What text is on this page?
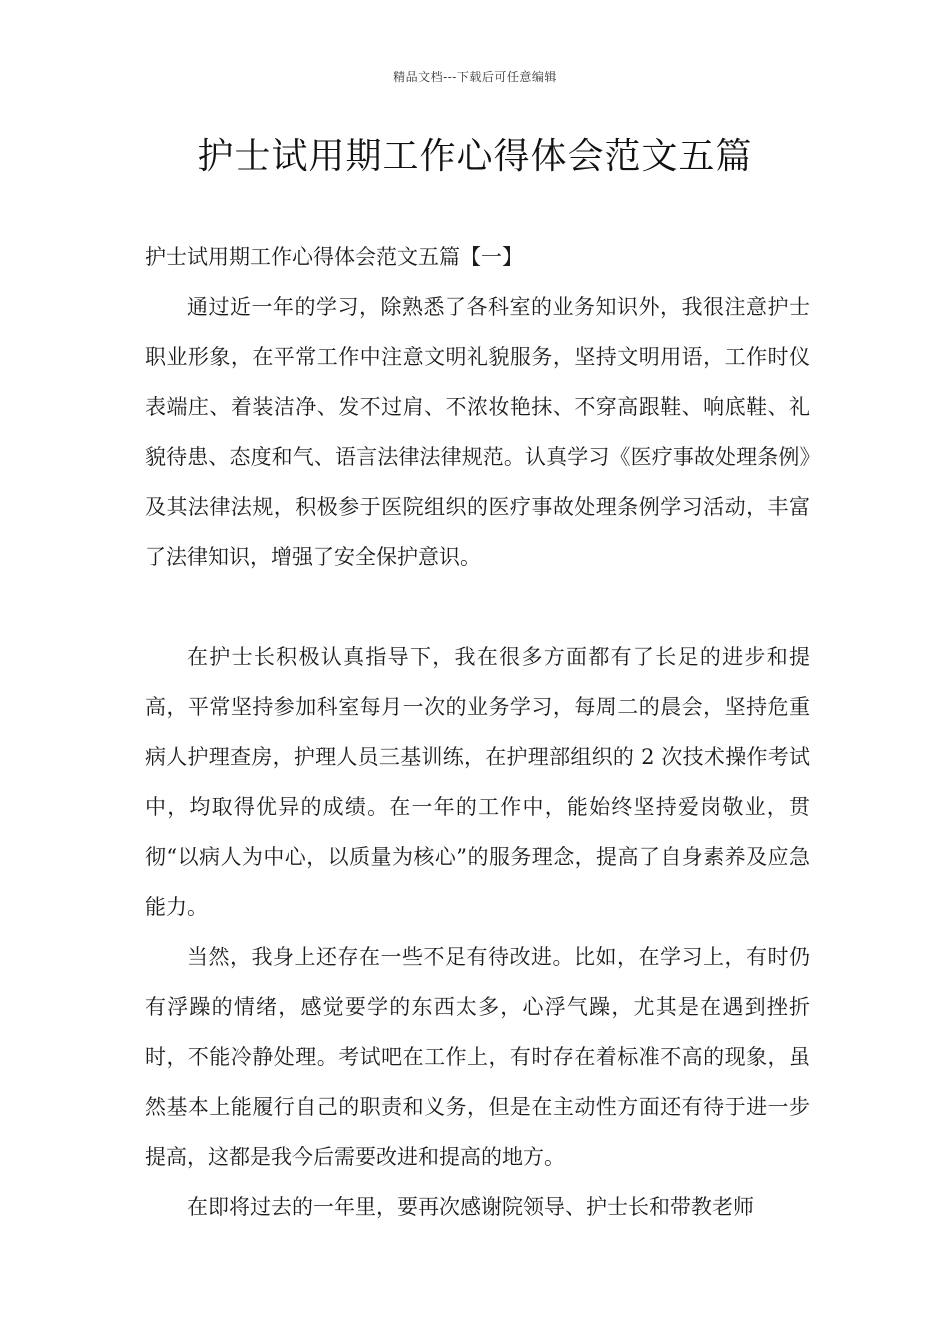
精品文档---下载后可任意编辑
护士试用期工作心得体会范文五篇
护士试用期工作心得体会范文五篇【一】

通过近一年的学习，除熟悉了各科室的业务知识外，我很注意护士职业形象，在平常工作中注意文明礼貌服务，坚持文明用语，工作时仪表端庄、着装洁净、发不过肩、不浓妆艳抹、不穿高跟鞋、响底鞋、礼貌待患、态度和气、语言法律法律规范。认真学习《医疗事故处理条例》及其法律法规，积极参于医院组织的医疗事故处理条例学习活动，丰富了法律知识，增强了安全保护意识。

在护士长积极认真指导下，我在很多方面都有了长足的进步和提高，平常坚持参加科室每月一次的业务学习，每周二的晨会，坚持危重病人护理查房，护理人员三基训练，在护理部组织的 2 次技术操作考试中，均取得优异的成绩。在一年的工作中，能始终坚持爱岗敬业，贯彻“以病人为中心，以质量为核心”的服务理念，提高了自身素养及应急能力。

当然，我身上还存在一些不足有待改进。比如，在学习上，有时仍有浮躁的情绪，感觉要学的东西太多，心浮气躁，尤其是在遇到挫折时，不能冷静处理。考试吧在工作上，有时存在着标准不高的现象，虽然基本上能履行自己的职责和义务，但是在主动性方面还有待于进一步提高，这都是我今后需要改进和提高的地方。

在即将过去的一年里，要再次感谢院领导、护士长和带教老师
